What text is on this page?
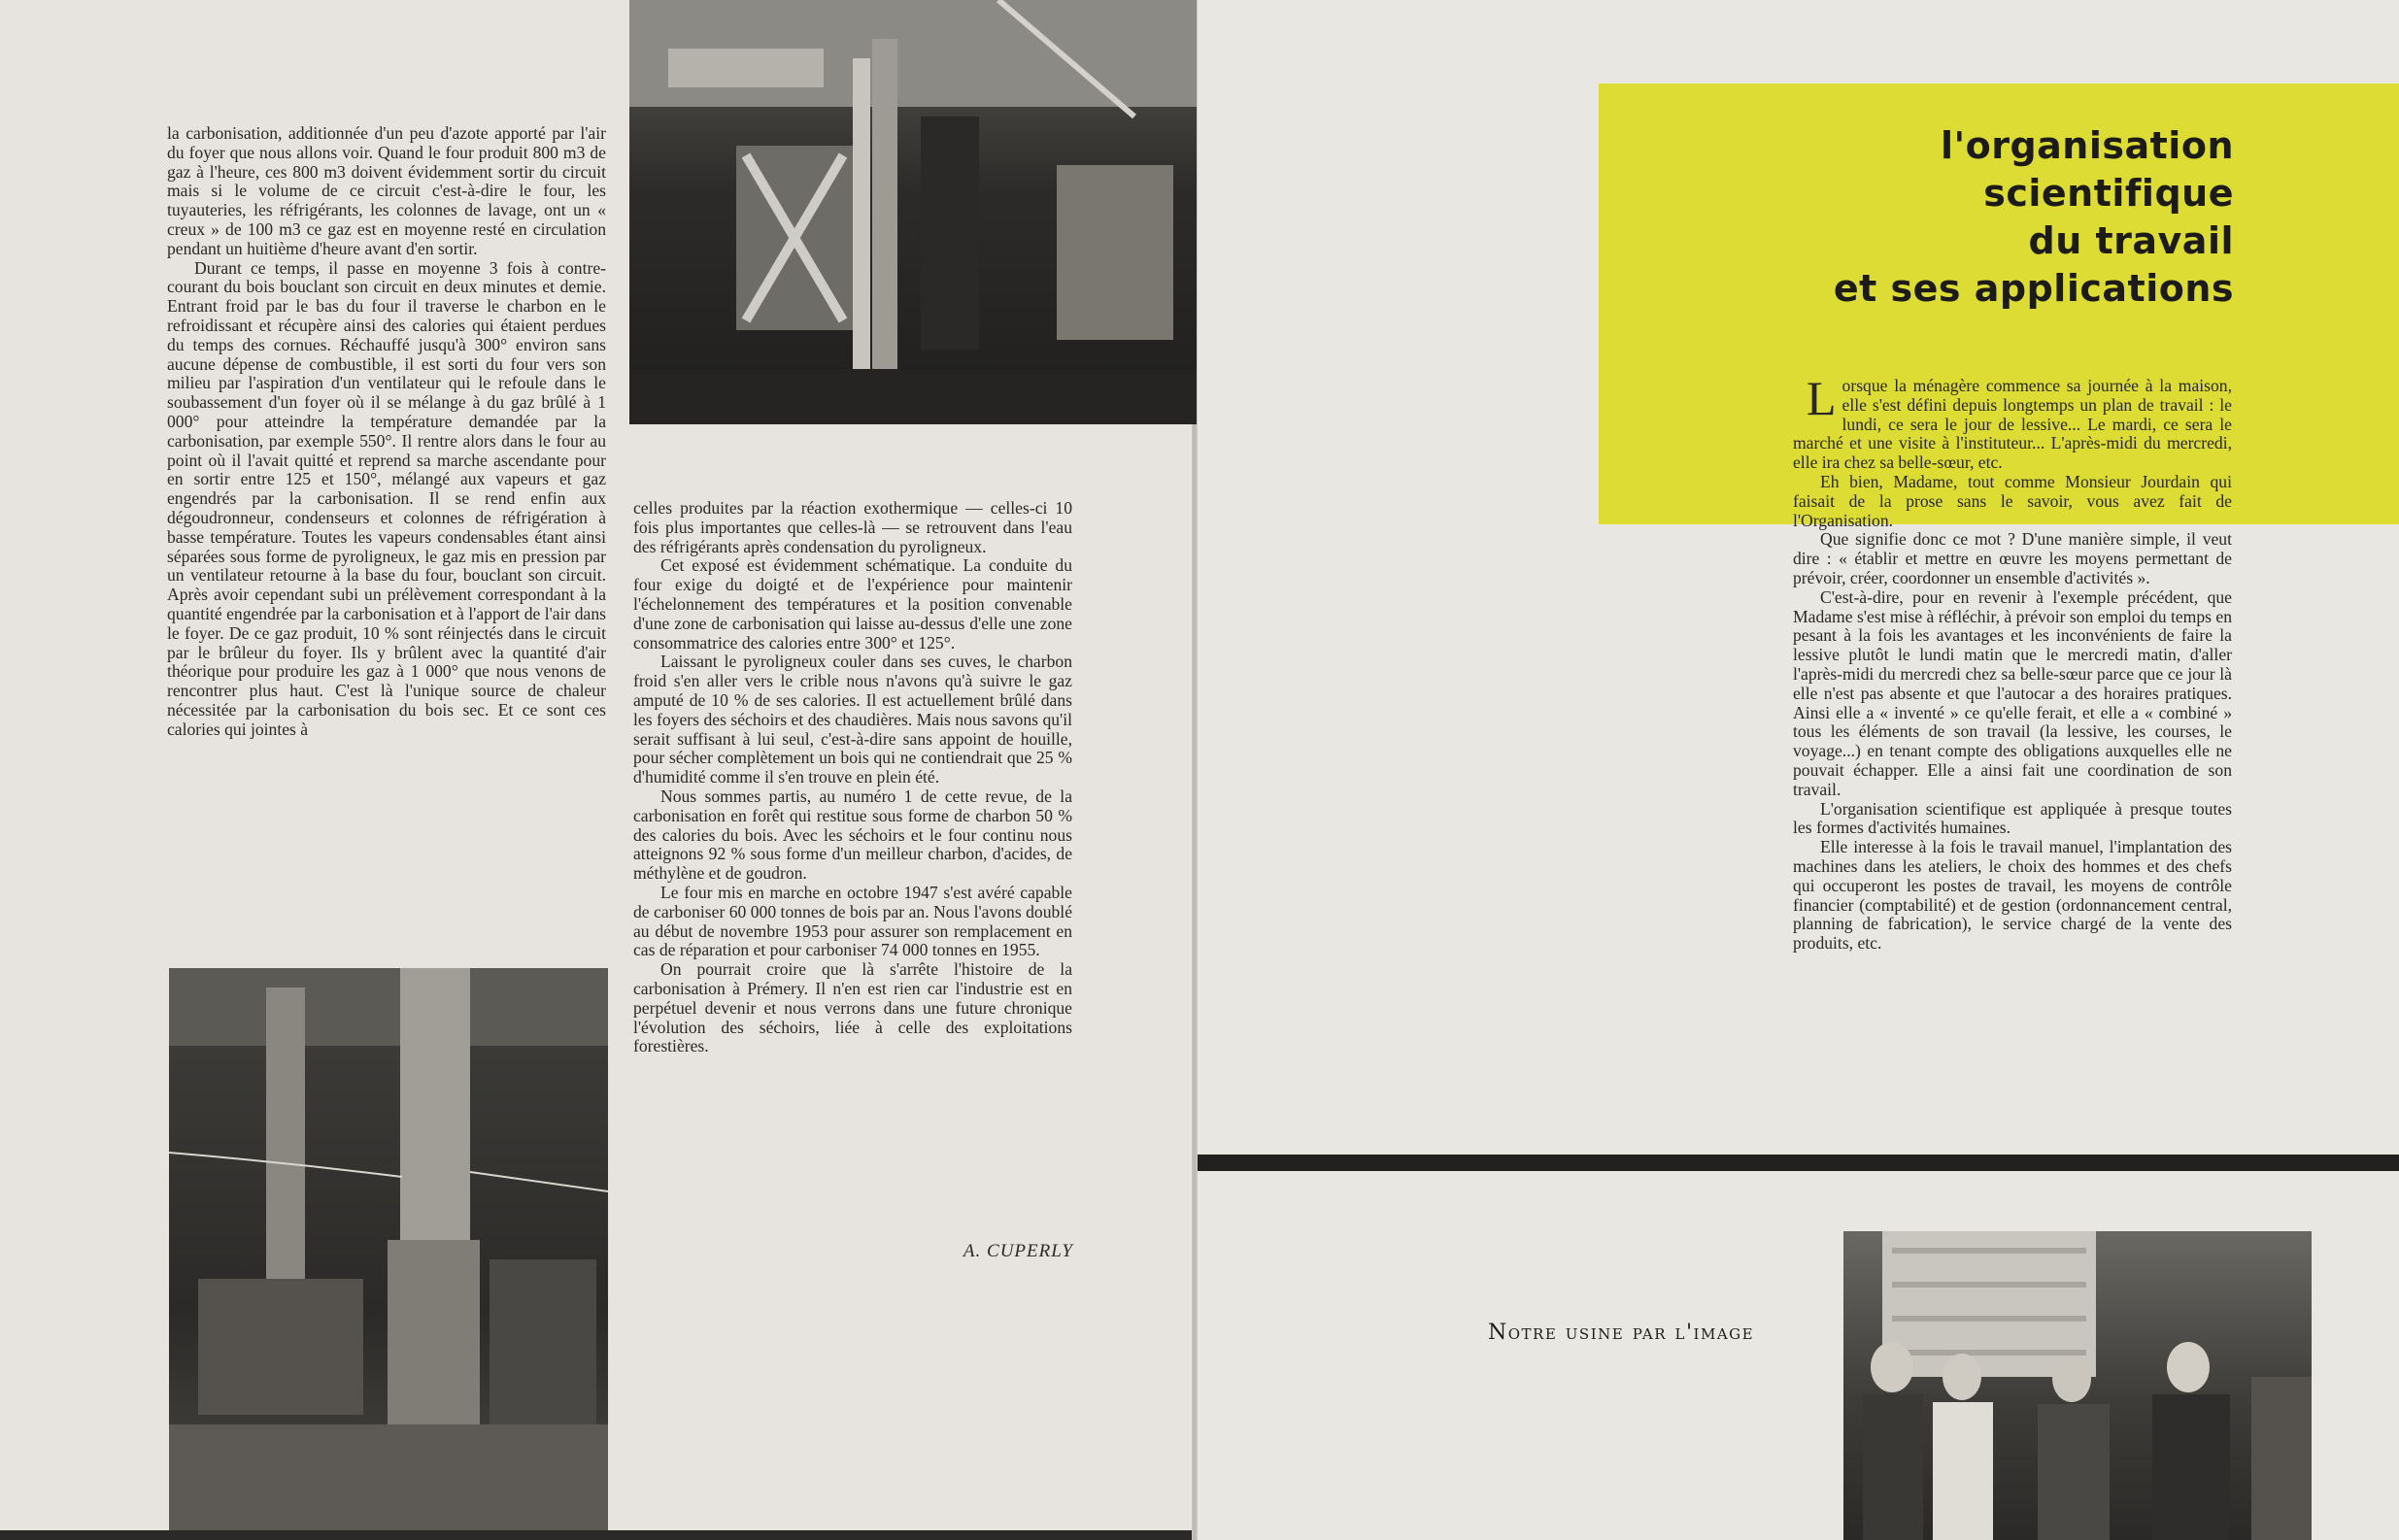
la carbonisation, additionnée d'un peu d'azote apporté par l'air du foyer que nous allons voir. Quand le four produit 800 m3 de gaz à l'heure, ces 800 m3 doivent évidemment sortir du circuit mais si le volume de ce circuit c'est-à-dire le four, les tuyauteries, les réfrigérants, les colonnes de lavage, ont un « creux » de 100 m3 ce gaz est en moyenne resté en circulation pendant un huitième d'heure avant d'en sortir.

Durant ce temps, il passe en moyenne 3 fois à contre-courant du bois bouclant son circuit en deux minutes et demie. Entrant froid par le bas du four il traverse le charbon en le refroidissant et récupère ainsi des calories qui étaient perdues du temps des cornues. Réchauffé jusqu'à 300° environ sans aucune dépense de combustible, il est sorti du four vers son milieu par l'aspiration d'un ventilateur qui le refoule dans le soubassement d'un foyer où il se mélange à du gaz brûlé à 1 000° pour atteindre la température demandée par la carbonisation, par exemple 550°. Il rentre alors dans le four au point où il l'avait quitté et reprend sa marche ascendante pour en sortir entre 125 et 150°, mélangé aux vapeurs et gaz engendrés par la carbonisation. Il se rend enfin aux dégoudronneur, condenseurs et colonnes de réfrigération à basse température. Toutes les vapeurs condensables étant ainsi séparées sous forme de pyroligneux, le gaz mis en pression par un ventilateur retourne à la base du four, bouclant son circuit. Après avoir cependant subi un prélèvement correspondant à la quantité engendrée par la carbonisation et à l'apport de l'air dans le foyer. De ce gaz produit, 10 % sont réinjectés dans le circuit par le brûleur du foyer. Ils y brûlent avec la quantité d'air théorique pour produire les gaz à 1 000° que nous venons de rencontrer plus haut. C'est là l'unique source de chaleur nécessitée par la carbonisation du bois sec. Et ce sont ces calories qui jointes à

celles produites par la réaction exothermique — celles-ci 10 fois plus importantes que celles-là — se retrouvent dans l'eau des réfrigérants après condensation du pyroligneux.

Cet exposé est évidemment schématique. La conduite du four exige du doigté et de l'expérience pour maintenir l'échelonnement des températures et la position convenable d'une zone de carbonisation qui laisse au-dessus d'elle une zone consommatrice des calories entre 300° et 125°.

Laissant le pyroligneux couler dans ses cuves, le charbon froid s'en aller vers le crible nous n'avons qu'à suivre le gaz amputé de 10 % de ses calories. Il est actuellement brûlé dans les foyers des séchoirs et des chaudières. Mais nous savons qu'il serait suffisant à lui seul, c'est-à-dire sans appoint de houille, pour sécher complètement un bois qui ne contiendrait que 25 % d'humidité comme il s'en trouve en plein été.

Nous sommes partis, au numéro 1 de cette revue, de la carbonisation en forêt qui restitue sous forme de charbon 50 % des calories du bois. Avec les séchoirs et le four continu nous atteignons 92 % sous forme d'un meilleur charbon, d'acides, de méthylène et de goudron.

Le four mis en marche en octobre 1947 s'est avéré capable de carboniser 60 000 tonnes de bois par an. Nous l'avons doublé au début de novembre 1953 pour assurer son remplacement en cas de réparation et pour carboniser 74 000 tonnes en 1955.

On pourrait croire que là s'arrête l'histoire de la carbonisation à Prémery. Il n'en est rien car l'industrie est en perpétuel devenir et nous verrons dans une future chronique l'évolution des séchoirs, liée à celle des exploitations forestières.

A. CUPERLY
l'organisation
scientifique
du travail
et ses applications

Lorsque la ménagère commence sa journée à la maison, elle s'est défini depuis longtemps un plan de travail : le lundi, ce sera le jour de lessive... Le mardi, ce sera le marché et une visite à l'instituteur... L'après-midi du mercredi, elle ira chez sa belle-sœur, etc.

Eh bien, Madame, tout comme Monsieur Jourdain qui faisait de la prose sans le savoir, vous avez fait de l'Organisation.

Que signifie donc ce mot ? D'une manière simple, il veut dire : « établir et mettre en œuvre les moyens permettant de prévoir, créer, coordonner un ensemble d'activités ».

C'est-à-dire, pour en revenir à l'exemple précédent, que Madame s'est mise à réfléchir, à prévoir son emploi du temps en pesant à la fois les avantages et les inconvénients de faire la lessive plutôt le lundi matin que le mercredi matin, d'aller l'après-midi du mercredi chez sa belle-sœur parce que ce jour là elle n'est pas absente et que l'autocar a des horaires pratiques. Ainsi elle a « inventé » ce qu'elle ferait, et elle a « combiné » tous les éléments de son travail (la lessive, les courses, le voyage...) en tenant compte des obligations auxquelles elle ne pouvait échapper. Elle a ainsi fait une coordination de son travail.

L'organisation scientifique est appliquée à presque toutes les formes d'activités humaines.

Elle interesse à la fois le travail manuel, l'implantation des machines dans les ateliers, le choix des hommes et des chefs qui occuperont les postes de travail, les moyens de contrôle financier (comptabilité) et de gestion (ordonnancement central, planning de fabrication), le service chargé de la vente des produits, etc.

Notre usine par l'image
